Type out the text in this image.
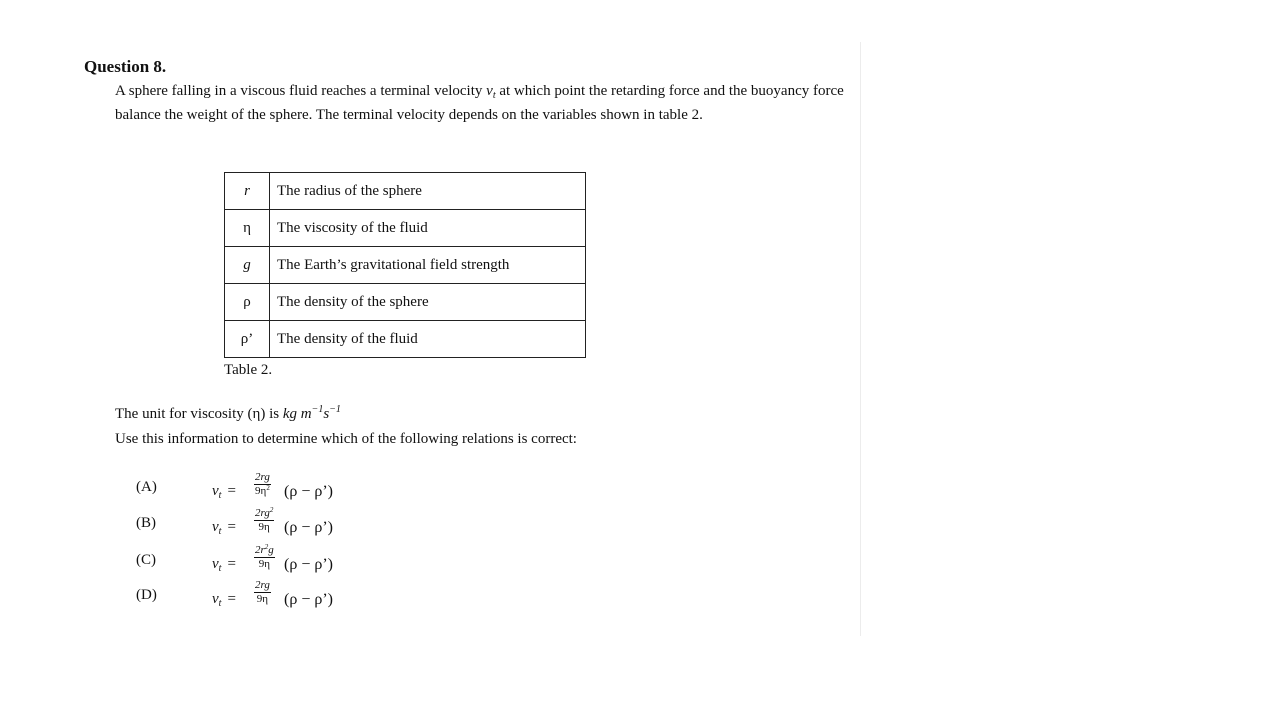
Question 8.
A sphere falling in a viscous fluid reaches a terminal velocity $v_t$ at which point the retarding force and the buoyancy force balance the weight of the sphere. The terminal velocity depends on the variables shown in table 2.
r	The radius of the sphere
η	The viscosity of the fluid
g	The Earth’s gravitational field strength
ρ	The density of the sphere
ρ’	The density of the fluid
Table 2.
The unit for viscosity (η) is kg $m^{-1}s^{-1}$
Use this information to determine which of the following relations is correct:
(A)	$v_t = \frac{2rg}{9\eta^2} (\rho$ − ρ’)
(B)	$v_t = \frac{2rg^2}{9\eta} (\rho$ − ρ’)
(C)	$v_t = \frac{2r^2g}{9\eta} (\rho$ − ρ’)
(D)	$v_t = \frac{2rg}{9\eta} (\rho$ − ρ’)
